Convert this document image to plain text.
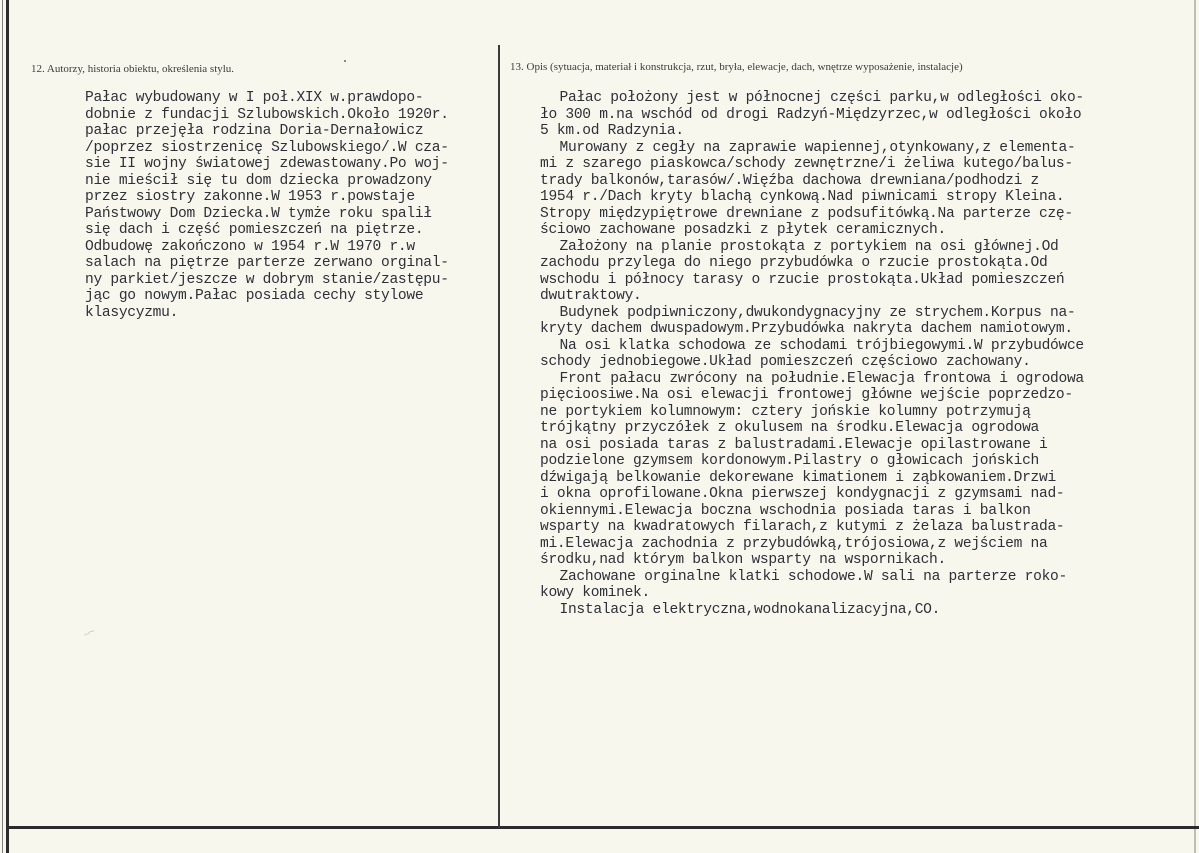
12. Autorzy, historia obiektu, określenia stylu.	13. Opis (sytuacja, materiał i konstrukcja, rzut, bryła, elewacje, dach, wnętrze wyposażenie, instalacje)
Pałac wybudowany w I poł.XIX w.prawdopo-
dobnie z fundacji Szlubowskich.Około 1920r.
pałac przejęła rodzina Doria-Dernałowicz
/poprzez siostrzenicę Szlubowskiego/.W cza-
sie II wojny światowej zdewastowany.Po woj-
nie mieścił się tu dom dziecka prowadzony
przez siostry zakonne.W 1953 r.powstaje
Państwowy Dom Dziecka.W tymże roku spalił
się dach i część pomieszczeń na piętrze.
Odbudowę zakończono w 1954 r.W 1970 r.w
salach na piętrze parterze zerwano orginal-
ny parkiet/jeszcze w dobrym stanie/zastępu-
jąc go nowym.Pałac posiada cechy stylowe
klasycyzmu.
Pałac położony jest w północnej części parku,w odległości oko-
ło 300 m.na wschód od drogi Radzyń-Międzyrzec,w odległości około
5 km.od Radzynia.
Murowany z cegły na zaprawie wapiennej,otynkowany,z elementa-
mi z szarego piaskowca/schody zewnętrzne/i żeliwa kutego/balus-
trady balkonów,tarasów/.Więźba dachowa drewniana/podhodzi z
1954 r./Dach kryty blachą cynkową.Nad piwnicami stropy Kleina.
Stropy międzypiętrowe drewniane z podsufitówką.Na parterze czę-
ściowo zachowane posadzki z płytek ceramicznych.
Założony na planie prostokąta z portykiem na osi głównej.Od
zachodu przylega do niego przybudówka o rzucie prostokąta.Od
wschodu i północy tarasy o rzucie prostokąta.Układ pomieszczeń
dwutraktowy.
Budynek podpiwniczony,dwukondygnacyjny ze strychem.Korpus na-
kryty dachem dwuspadowym.Przybudówka nakryta dachem namiotowym.
Na osi klatka schodowa ze schodami trójbiegowymi.W przybudówce
schody jednobiegowe.Układ pomieszczeń częściowo zachowany.
Front pałacu zwrócony na południe.Elewacja frontowa i ogrodowa
pięcioosiwe.Na osi elewacji frontowej główne wejście poprzedzo-
ne portykiem kolumnowym: cztery jońskie kolumny potrzymują
trójkątny przyczółek z okulusem na środku.Elewacja ogrodowa
na osi posiada taras z balustradami.Elewacje opilastrowane i
podzielone gzymsem kordonowym.Pilastry o głowicach jońskich
dźwigają belkowanie dekorewane kimationem i ząbkowaniem.Drzwi
i okna oprofilowane.Okna pierwszej kondygnacji z gzymsami nad-
okiennymi.Elewacja boczna wschodnia posiada taras i balkon
wsparty na kwadratowych filarach,z kutymi z żelaza balustrada-
mi.Elewacja zachodnia z przybudówką,trójosiowa,z wejściem na
środku,nad którym balkon wsparty na wspornikach.
Zachowane orginalne klatki schodowe.W sali na parterze roko-
kowy kominek.
Instalacja elektryczna,wodnokanalizacyjna,CO.
~~
